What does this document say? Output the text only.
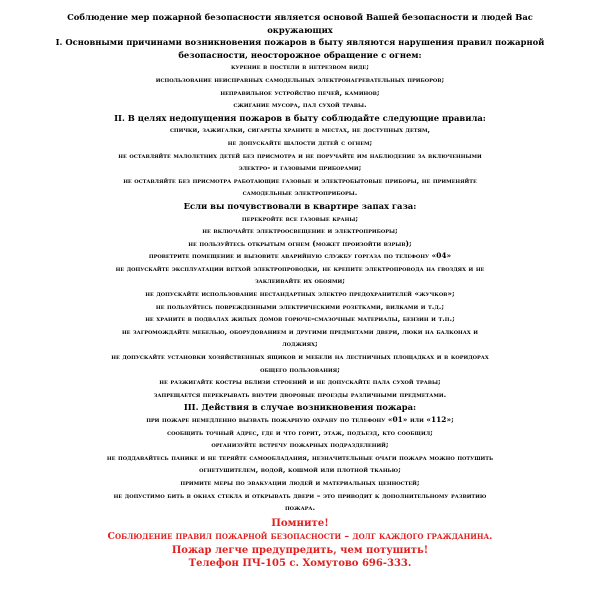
Соблюдение мер пожарной безопасности является основой Вашей безопасности и людей Вас
окружающих
I. Основными причинами возникновения пожаров в быту являются нарушения правил пожарной
безопасности, неосторожное обращение с огнем:
курение в постели в нетрезвом виде;
использование неисправных самодельных электронагревательных приборов;
неправильное устройство печей, каминов;
сжигание мусора, пал сухой травы.
II. В целях недопущения пожаров в быту соблюдайте следующие правила:
спички, зажигалки, сигареты храните в местах, не доступных детям,
не допускайте шалости детей с огнем;
не оставляйте малолетних детей без присмотра и не поручайте им наблюдение за включенными
электро- и газовыми приборами;
не оставляйте без присмотра работающие газовые и электробытовые приборы, не применяйте
самодельные электроприборы.
Если вы почувствовали в квартире запах газа:
перекройте все газовые краны;
не включайте электроосвещение и электроприборы;
не пользуйтесь открытым огнем (может произойти взрыв);
проветрите помещение и вызовите аварийную службу горгаза по телефону «04»
не допускайте эксплуатации ветхой электропроводки, не крепите электропровода на гвоздях и не
заклеивайте их обоями;
не допускайте использование нестандартных электро предохранителей «жучков»;
не пользуйтесь поврежденными электрическими розетками, вилками и т.д.;
не храните в подвалах жилых домов горюче-смазочные материалы, бензин и т.п.;
не загромождайте мебелью, оборудованием и другими предметами двери, люки на балконах и
лоджиях;
не допускайте установки хозяйственных ящиков и мебели на лестничных площадках и в коридорах
общего пользования;
не разжигайте костры вблизи строений и не допускайте пала сухой травы;
запрещается перекрывать внутри дворовые проезды различными предметами.
III. Действия в случае возникновения пожара:
при пожаре немедленно вызвать пожарную охрану по телефону «01» или «112»;
сообщить точный адрес, где и что горит, этаж, подъезд, кто сообщил;
организуйте встречу пожарных подразделений;
не поддавайтесь панике и не теряйте самообладания, незначительные очаги пожара можно потушить
огнетушителем, водой, кошмой или плотной тканью;
примите меры по эвакуации людей и материальных ценностей;
не допустимо бить в окнах стекла и открывать двери – это приводит к дополнительному развитию
пожара.
Помните!
Соблюдение правил пожарной безопасности – долг каждого гражданина.
Пожар легче предупредить, чем потушить!
Телефон ПЧ-105 с. Хомутово 696-333.
